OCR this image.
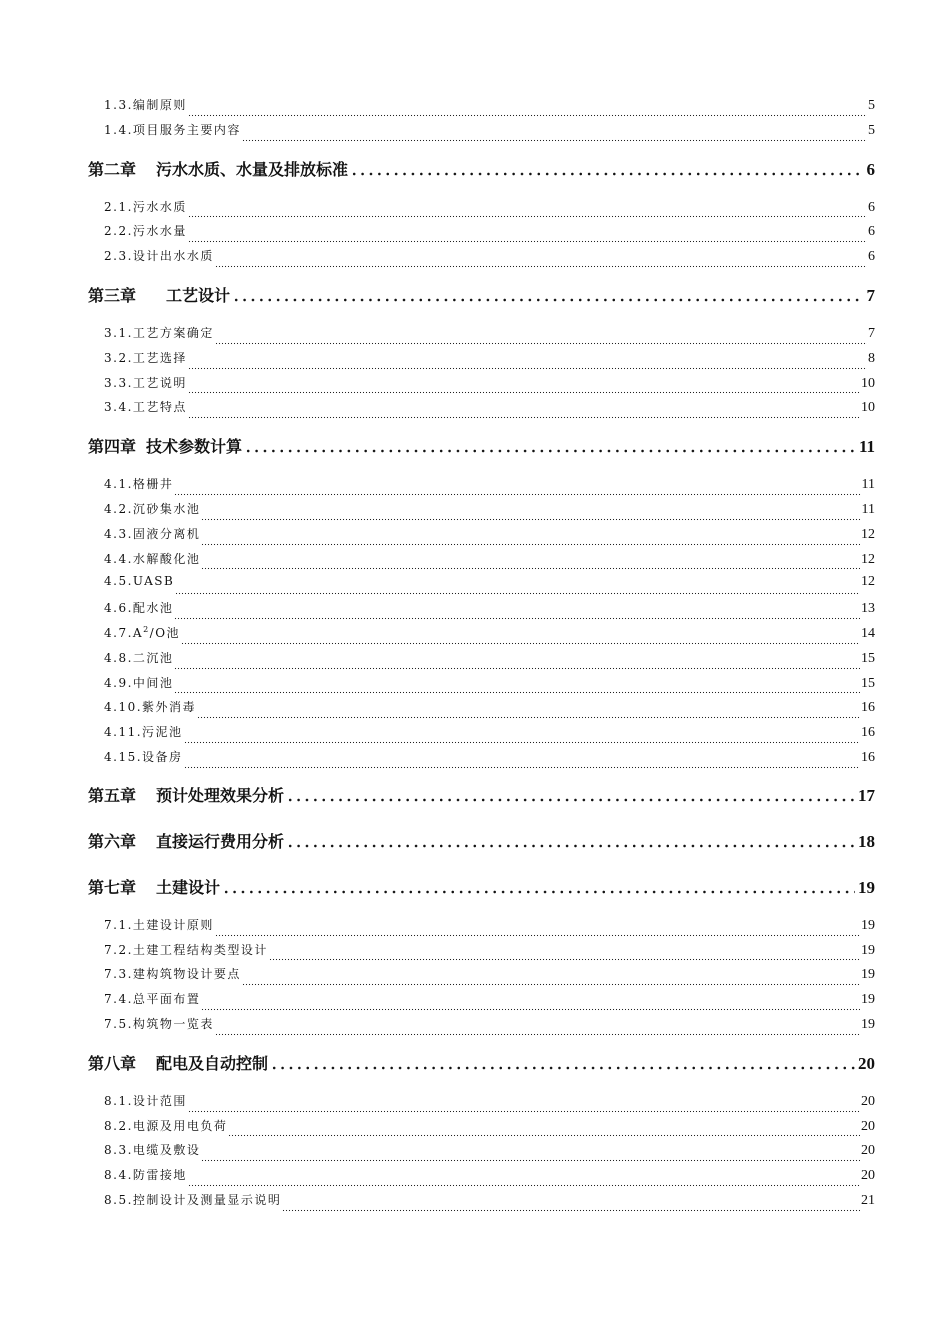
1.3.编制原则	5
1.4.项目服务主要内容	5
第二章 污水水质、水量及排放标准	6
2.1.污水水质	6
2.2.污水水量	6
2.3.设计出水水质	6
第三章 工艺设计	7
3.1.工艺方案确定	7
3.2.工艺选择	8
3.3.工艺说明	10
3.4.工艺特点	10
第四章 技术参数计算	11
4.1.格栅井	11
4.2.沉砂集水池	11
4.3.固液分离机	12
4.4.水解酸化池	12
4.5.UASB	12
4.6.配水池	13
$4.7.A^2/O$池	14
4.8.二沉池	15
4.9.中间池	15
4.10.紫外消毒	16
4.11.污泥池	16
4.15.设备房	16
第五章 预计处理效果分析	17
第六章 直接运行费用分析	18
第七章 土建设计	19
7.1.土建设计原则	19
7.2.土建工程结构类型设计	19
7.3.建构筑物设计要点	19
7.4.总平面布置	19
7.5.构筑物一览表	19
第八章 配电及自动控制	20
8.1.设计范围	20
8.2.电源及用电负荷	20
8.3.电缆及敷设	20
8.4.防雷接地	20
8.5.控制设计及测量显示说明	21
